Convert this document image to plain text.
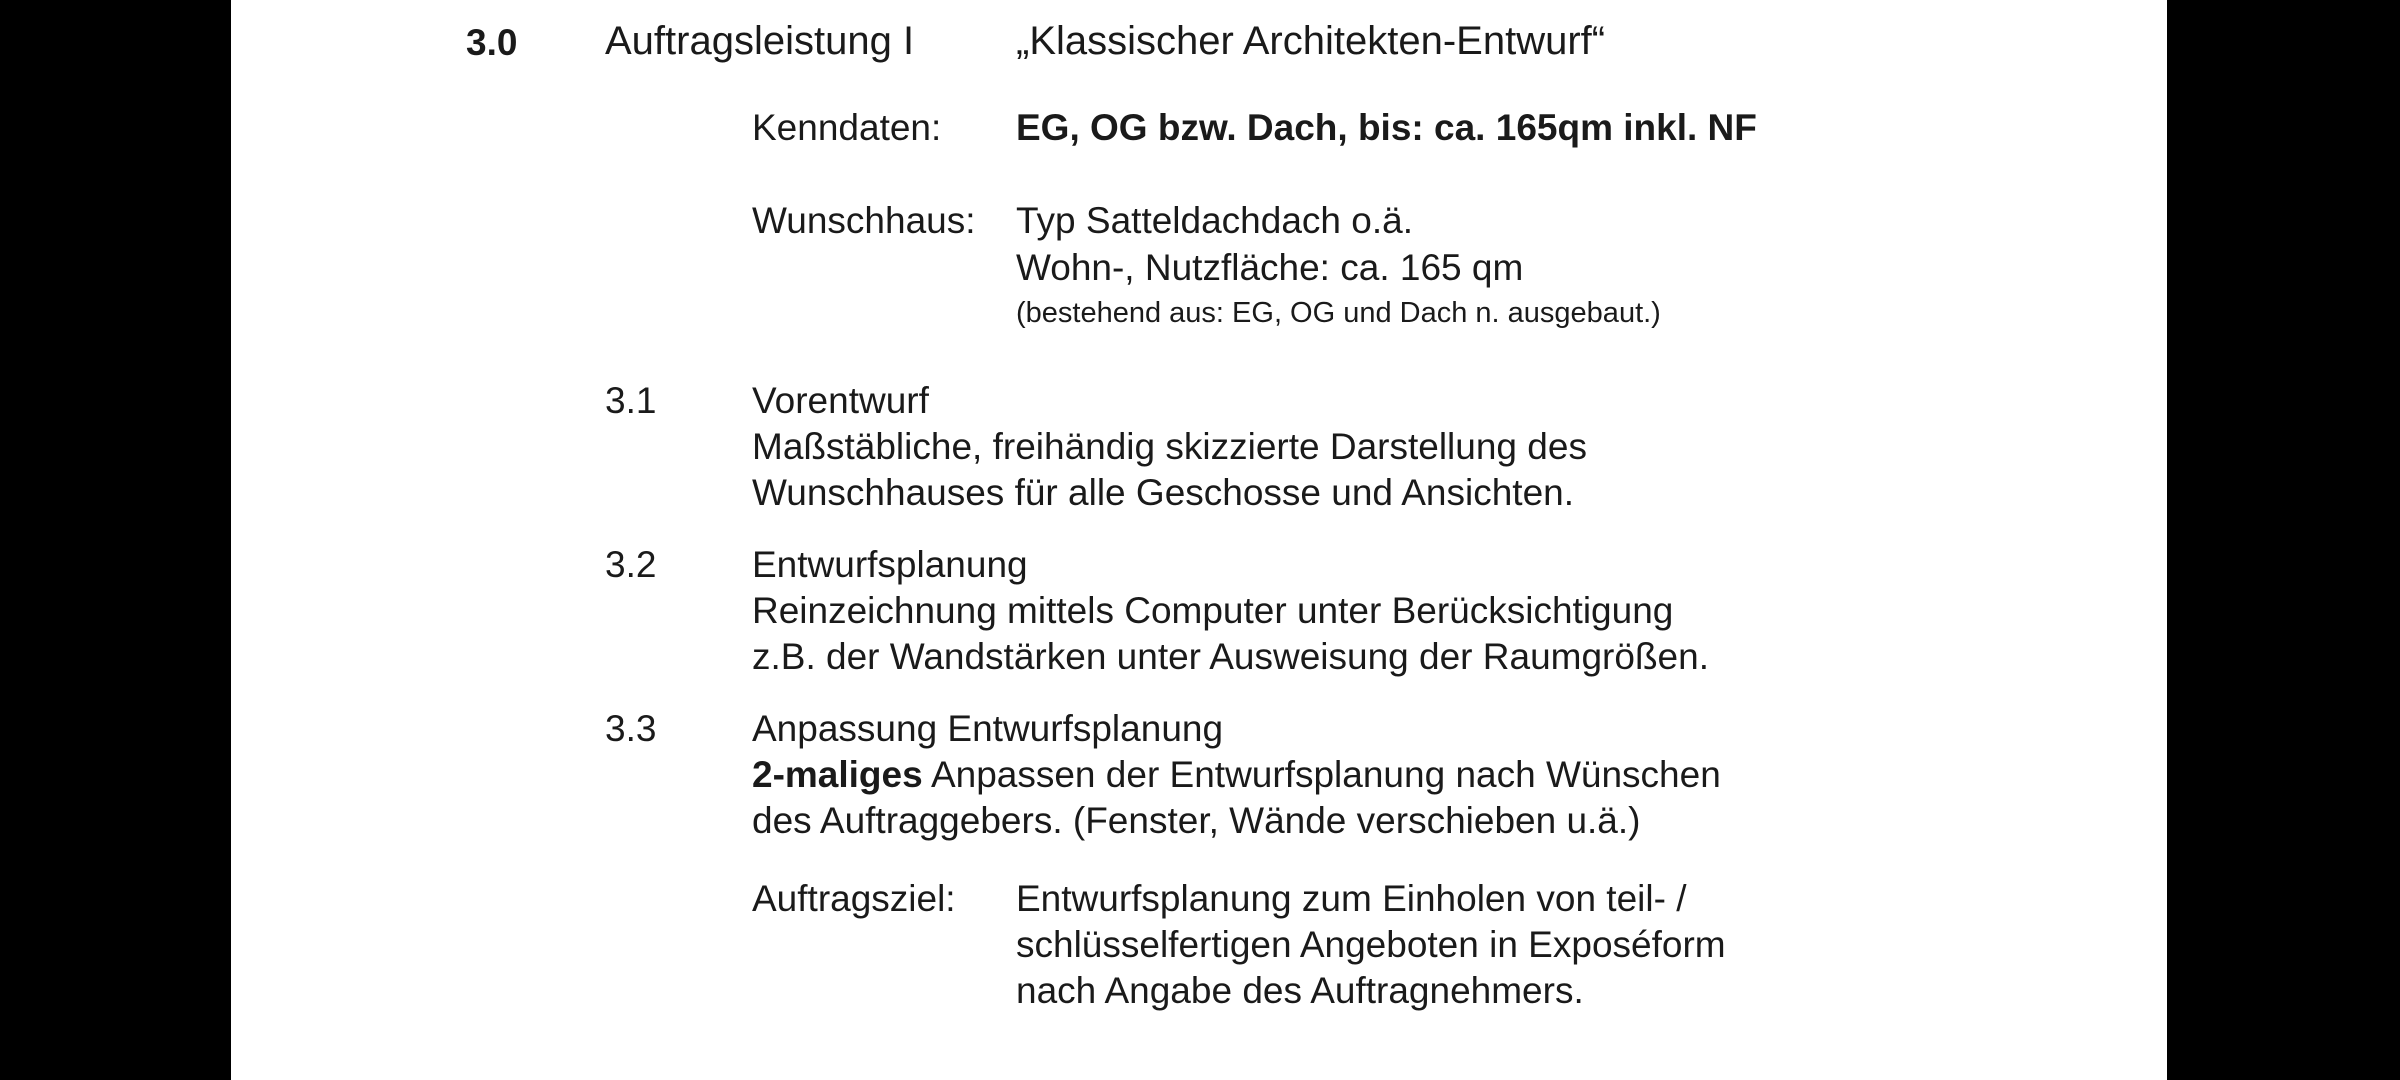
3.0 Auftragsleistung I	„Klassischer Architekten-Entwurf“
Kenndaten: EG, OG bzw. Dach, bis: ca. 165qm inkl. NF
Wunschhaus: Typ Satteldachdach o.ä.
Wohn-, Nutzfläche: ca. 165 qm
(bestehend aus: EG, OG und Dach n. ausgebaut.)
3.1	Vorentwurf
Maßstäbliche, freihändig skizzierte Darstellung des
Wunschhauses für alle Geschosse und Ansichten.
3.2	Entwurfsplanung
Reinzeichnung mittels Computer unter Berücksichtigung
z.B. der Wandstärken unter Ausweisung der Raumgrößen.
3.3	Anpassung Entwurfsplanung
2-maliges Anpassen der Entwurfsplanung nach Wünschen
des Auftraggebers. (Fenster, Wände verschieben u.ä.)
Auftragsziel: Entwurfsplanung zum Einholen von teil- /
schlüsselfertigen Angeboten in Exposéform
nach Angabe des Auftragnehmers.
